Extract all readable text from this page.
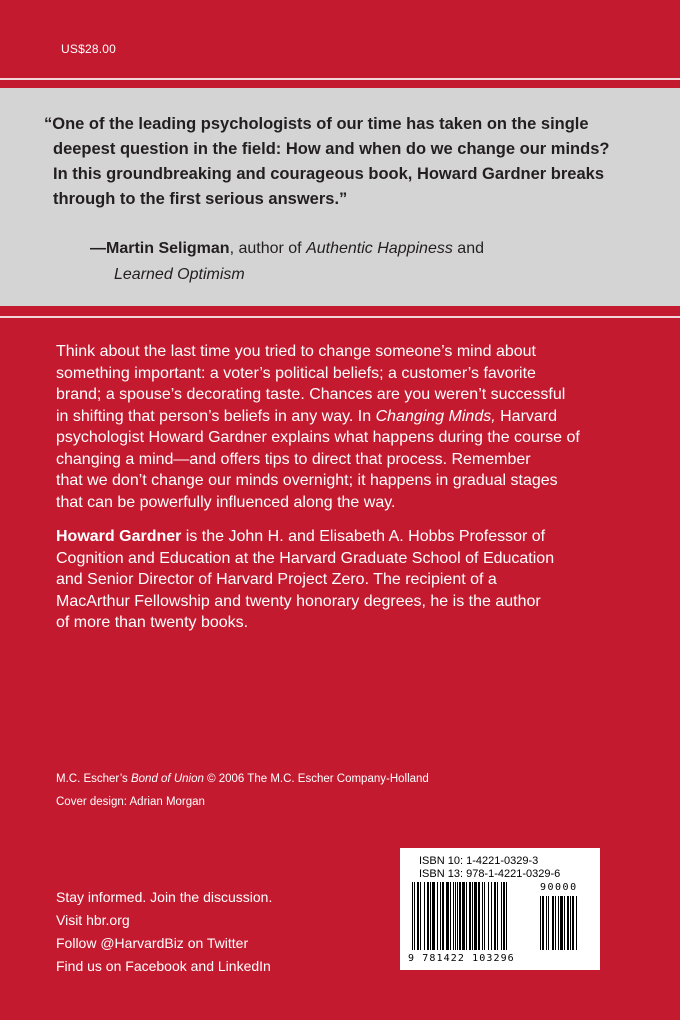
US$28.00
“One of the leading psychologists of our time has taken on the single
deepest question in the field: How and when do we change our minds?
In this groundbreaking and courageous book, Howard Gardner breaks
through to the first serious answers.”
—Martin Seligman, author of Authentic Happiness and
Learned Optimism
Think about the last time you tried to change someone’s mind about
something important: a voter’s political beliefs; a customer’s favorite
brand; a spouse’s decorating taste. Chances are you weren’t successful
in shifting that person’s beliefs in any way. In Changing Minds, Harvard
psychologist Howard Gardner explains what happens during the course of
changing a mind—and offers tips to direct that process. Remember
that we don’t change our minds overnight; it happens in gradual stages
that can be powerfully influenced along the way.
Howard Gardner is the John H. and Elisabeth A. Hobbs Professor of
Cognition and Education at the Harvard Graduate School of Education
and Senior Director of Harvard Project Zero. The recipient of a
MacArthur Fellowship and twenty honorary degrees, he is the author
of more than twenty books.
M.C. Escher’s Bond of Union © 2006 The M.C. Escher Company-Holland
Cover design: Adrian Morgan
Stay informed. Join the discussion.
Visit hbr.org
Follow @HarvardBiz on Twitter
Find us on Facebook and LinkedIn
ISBN 10: 1-4221-0329-3
ISBN 13: 978-1-4221-0329-6
90000
9 781422 103296
